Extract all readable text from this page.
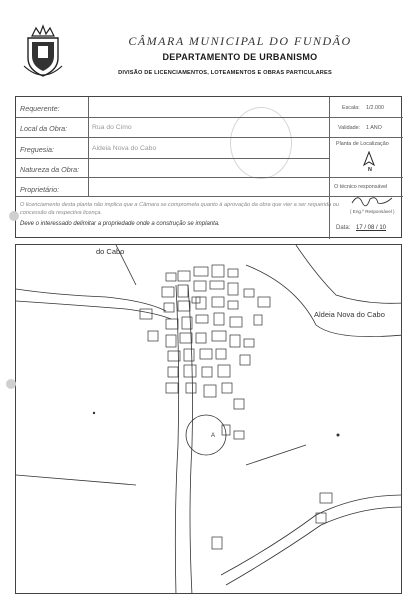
CÂMARA MUNICIPAL DO FUNDÃO
DEPARTAMENTO DE URBANISMO
DIVISÃO DE LICENCIAMENTOS, LOTEAMENTOS E OBRAS PARTICULARES
Requerente:
Local da Obra:	Rua do Cimo
Freguesia:	Aldeia Nova do Cabo
Natureza da Obra:
Proprietário:
Escala: 1/2.000
Validade: 1 ANO
Planta de Localização
N
O técnico responsável
( Eng.º Responsável )
Data: 17 / 08 / 10
O licenciamento desta planta não implica que a Câmara se comprometa quanto à aprovação da obra que vier a ser requerida ou concessão da respectiva licença.
Deve o interessado delimitar a propriedade onde a construção se implanta.
do Cabo
Aldeia Nova do Cabo
A
